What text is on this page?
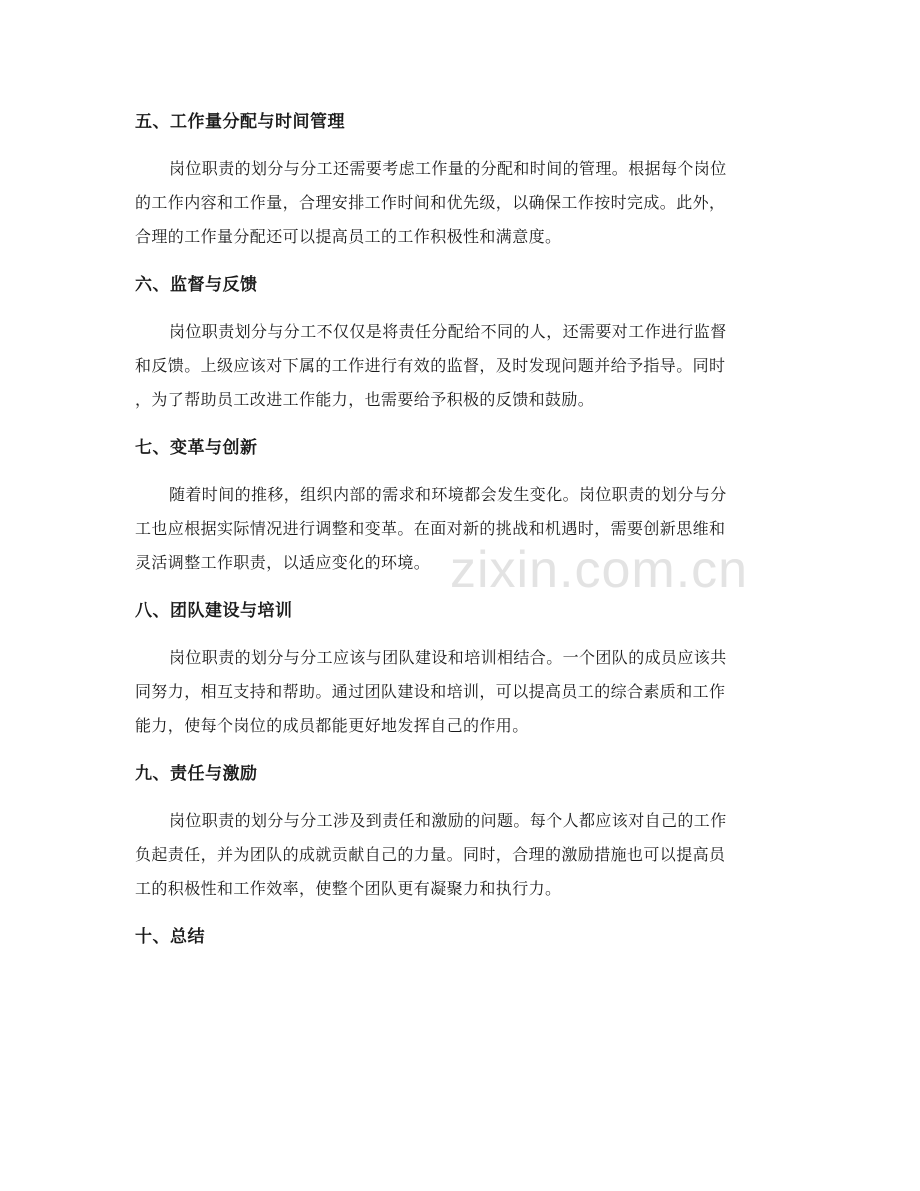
五、工作量分配与时间管理

岗位职责的划分与分工还需要考虑工作量的分配和时间的管理。根据每个岗位
的工作内容和工作量，合理安排工作时间和优先级，以确保工作按时完成。此外，
合理的工作量分配还可以提高员工的工作积极性和满意度。

六、监督与反馈

岗位职责划分与分工不仅仅是将责任分配给不同的人，还需要对工作进行监督
和反馈。上级应该对下属的工作进行有效的监督，及时发现问题并给予指导。同时
，为了帮助员工改进工作能力，也需要给予积极的反馈和鼓励。

七、变革与创新

随着时间的推移，组织内部的需求和环境都会发生变化。岗位职责的划分与分
工也应根据实际情况进行调整和变革。在面对新的挑战和机遇时，需要创新思维和
灵活调整工作职责，以适应变化的环境。

八、团队建设与培训

岗位职责的划分与分工应该与团队建设和培训相结合。一个团队的成员应该共
同努力，相互支持和帮助。通过团队建设和培训，可以提高员工的综合素质和工作
能力，使每个岗位的成员都能更好地发挥自己的作用。

九、责任与激励

岗位职责的划分与分工涉及到责任和激励的问题。每个人都应该对自己的工作
负起责任，并为团队的成就贡献自己的力量。同时，合理的激励措施也可以提高员
工的积极性和工作效率，使整个团队更有凝聚力和执行力。

十、总结
zixin.com.cn
